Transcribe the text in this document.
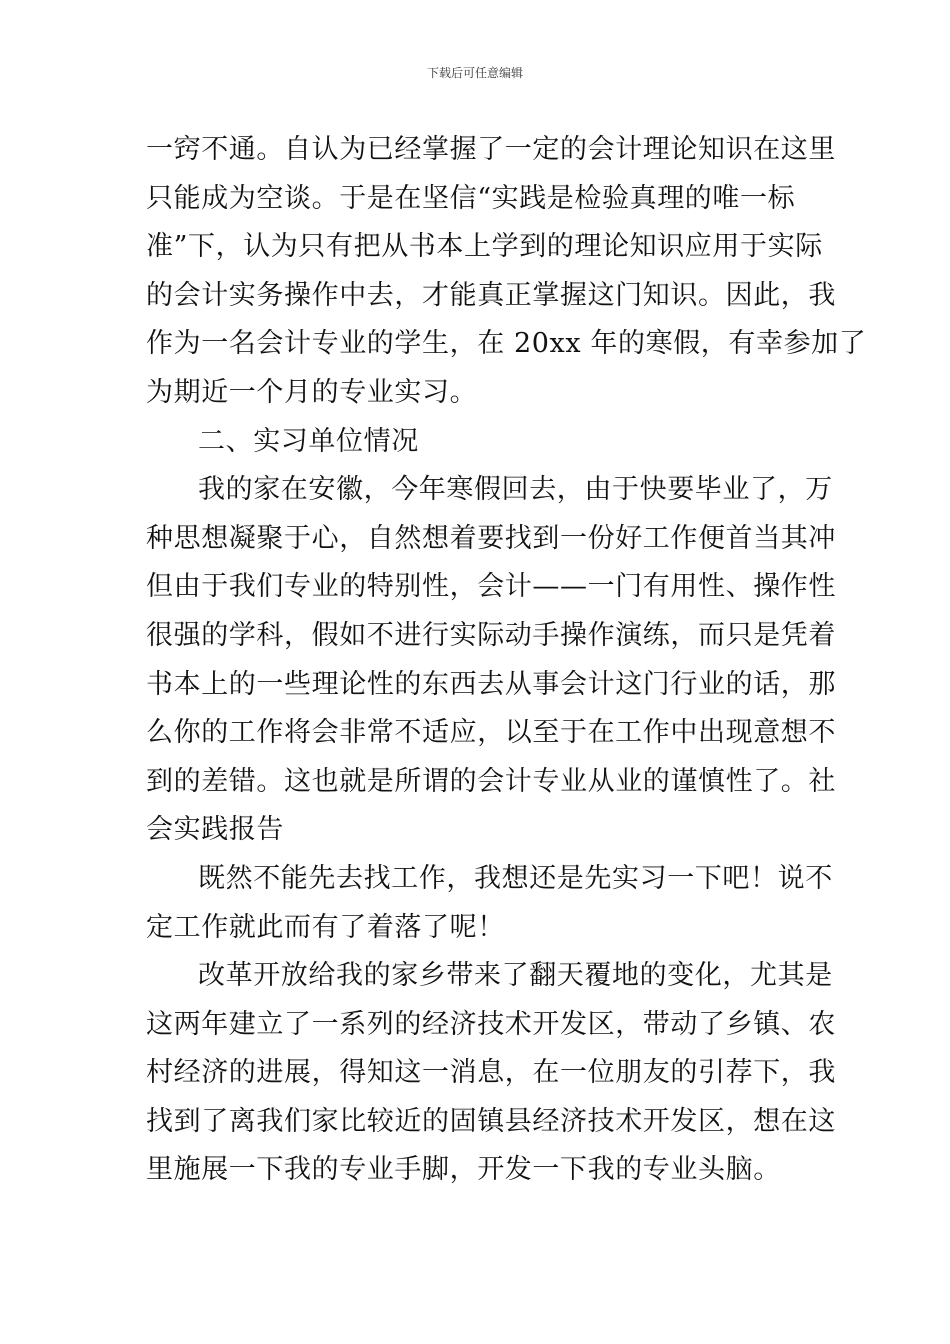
下载后可任意编辑
一窍不通。自认为已经掌握了一定的会计理论知识在这里
只能成为空谈。于是在坚信“实践是检验真理的唯一标
准”下，认为只有把从书本上学到的理论知识应用于实际
的会计实务操作中去，才能真正掌握这门知识。因此，我
作为一名会计专业的学生，在 20xx 年的寒假，有幸参加了
为期近一个月的专业实习。
二、实习单位情况
我的家在安徽，今年寒假回去，由于快要毕业了，万
种思想凝聚于心，自然想着要找到一份好工作便首当其冲
但由于我们专业的特别性，会计——一门有用性、操作性
很强的学科，假如不进行实际动手操作演练，而只是凭着
书本上的一些理论性的东西去从事会计这门行业的话，那
么你的工作将会非常不适应，以至于在工作中出现意想不
到的差错。这也就是所谓的会计专业从业的谨慎性了。社
会实践报告
既然不能先去找工作，我想还是先实习一下吧！说不
定工作就此而有了着落了呢！
改革开放给我的家乡带来了翻天覆地的变化，尤其是
这两年建立了一系列的经济技术开发区，带动了乡镇、农
村经济的进展，得知这一消息，在一位朋友的引荐下，我
找到了离我们家比较近的固镇县经济技术开发区，想在这
里施展一下我的专业手脚，开发一下我的专业头脑。
